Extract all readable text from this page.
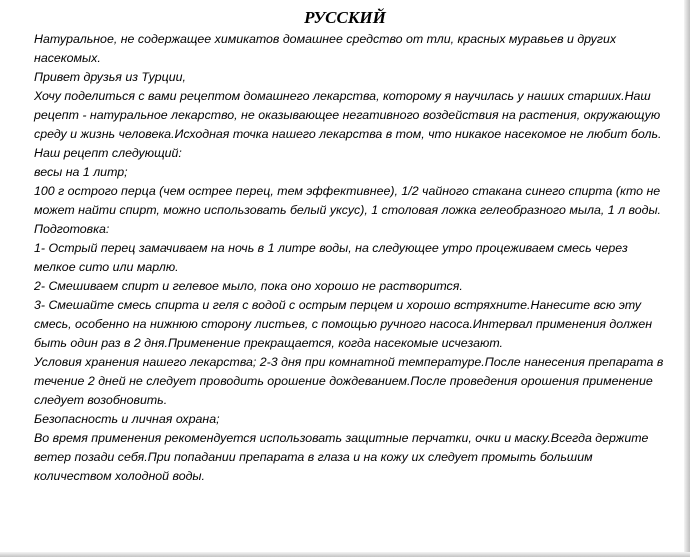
РУССКИЙ

Натуральное, не содержащее химикатов домашнее средство от тли, красных муравьев и других насекомых.

Привет друзья из Турции,

Хочу поделиться с вами рецептом домашнего лекарства, которому я научилась у наших старших.Наш рецепт - натуральное лекарство, не оказывающее негативного воздействия на растения, окружающую среду и жизнь человека.Исходная точка нашего лекарства в том, что никакое насекомое не любит боль.

Наш рецепт следующий:

весы на 1 литр;

100 г острого перца (чем острее перец, тем эффективнее), 1/2 чайного стакана синего спирта (кто не может найти спирт, можно использовать белый уксус), 1 столовая ложка гелеобразного мыла, 1 л воды.

Подготовка:

1- Острый перец замачиваем на ночь в 1 литре воды, на следующее утро процеживаем смесь через мелкое сито или марлю.

2- Смешиваем спирт и гелевое мыло, пока оно хорошо не растворится.

3- Смешайте смесь спирта и геля с водой с острым перцем и хорошо встряхните.Нанесите всю эту смесь, особенно на нижнюю сторону листьев, с помощью ручного насоса.Интервал применения должен быть один раз в 2 дня.Применение прекращается, когда насекомые исчезают.

Условия хранения нашего лекарства; 2-3 дня при комнатной температуре.После нанесения препарата в течение 2 дней не следует проводить орошение дождеванием.После проведения орошения применение следует возобновить.

Безопасность и личная охрана;

Во время применения рекомендуется использовать защитные перчатки, очки и маску.Всегда держите ветер позади себя.При попадании препарата в глаза и на кожу их следует промыть большим количеством холодной воды.
